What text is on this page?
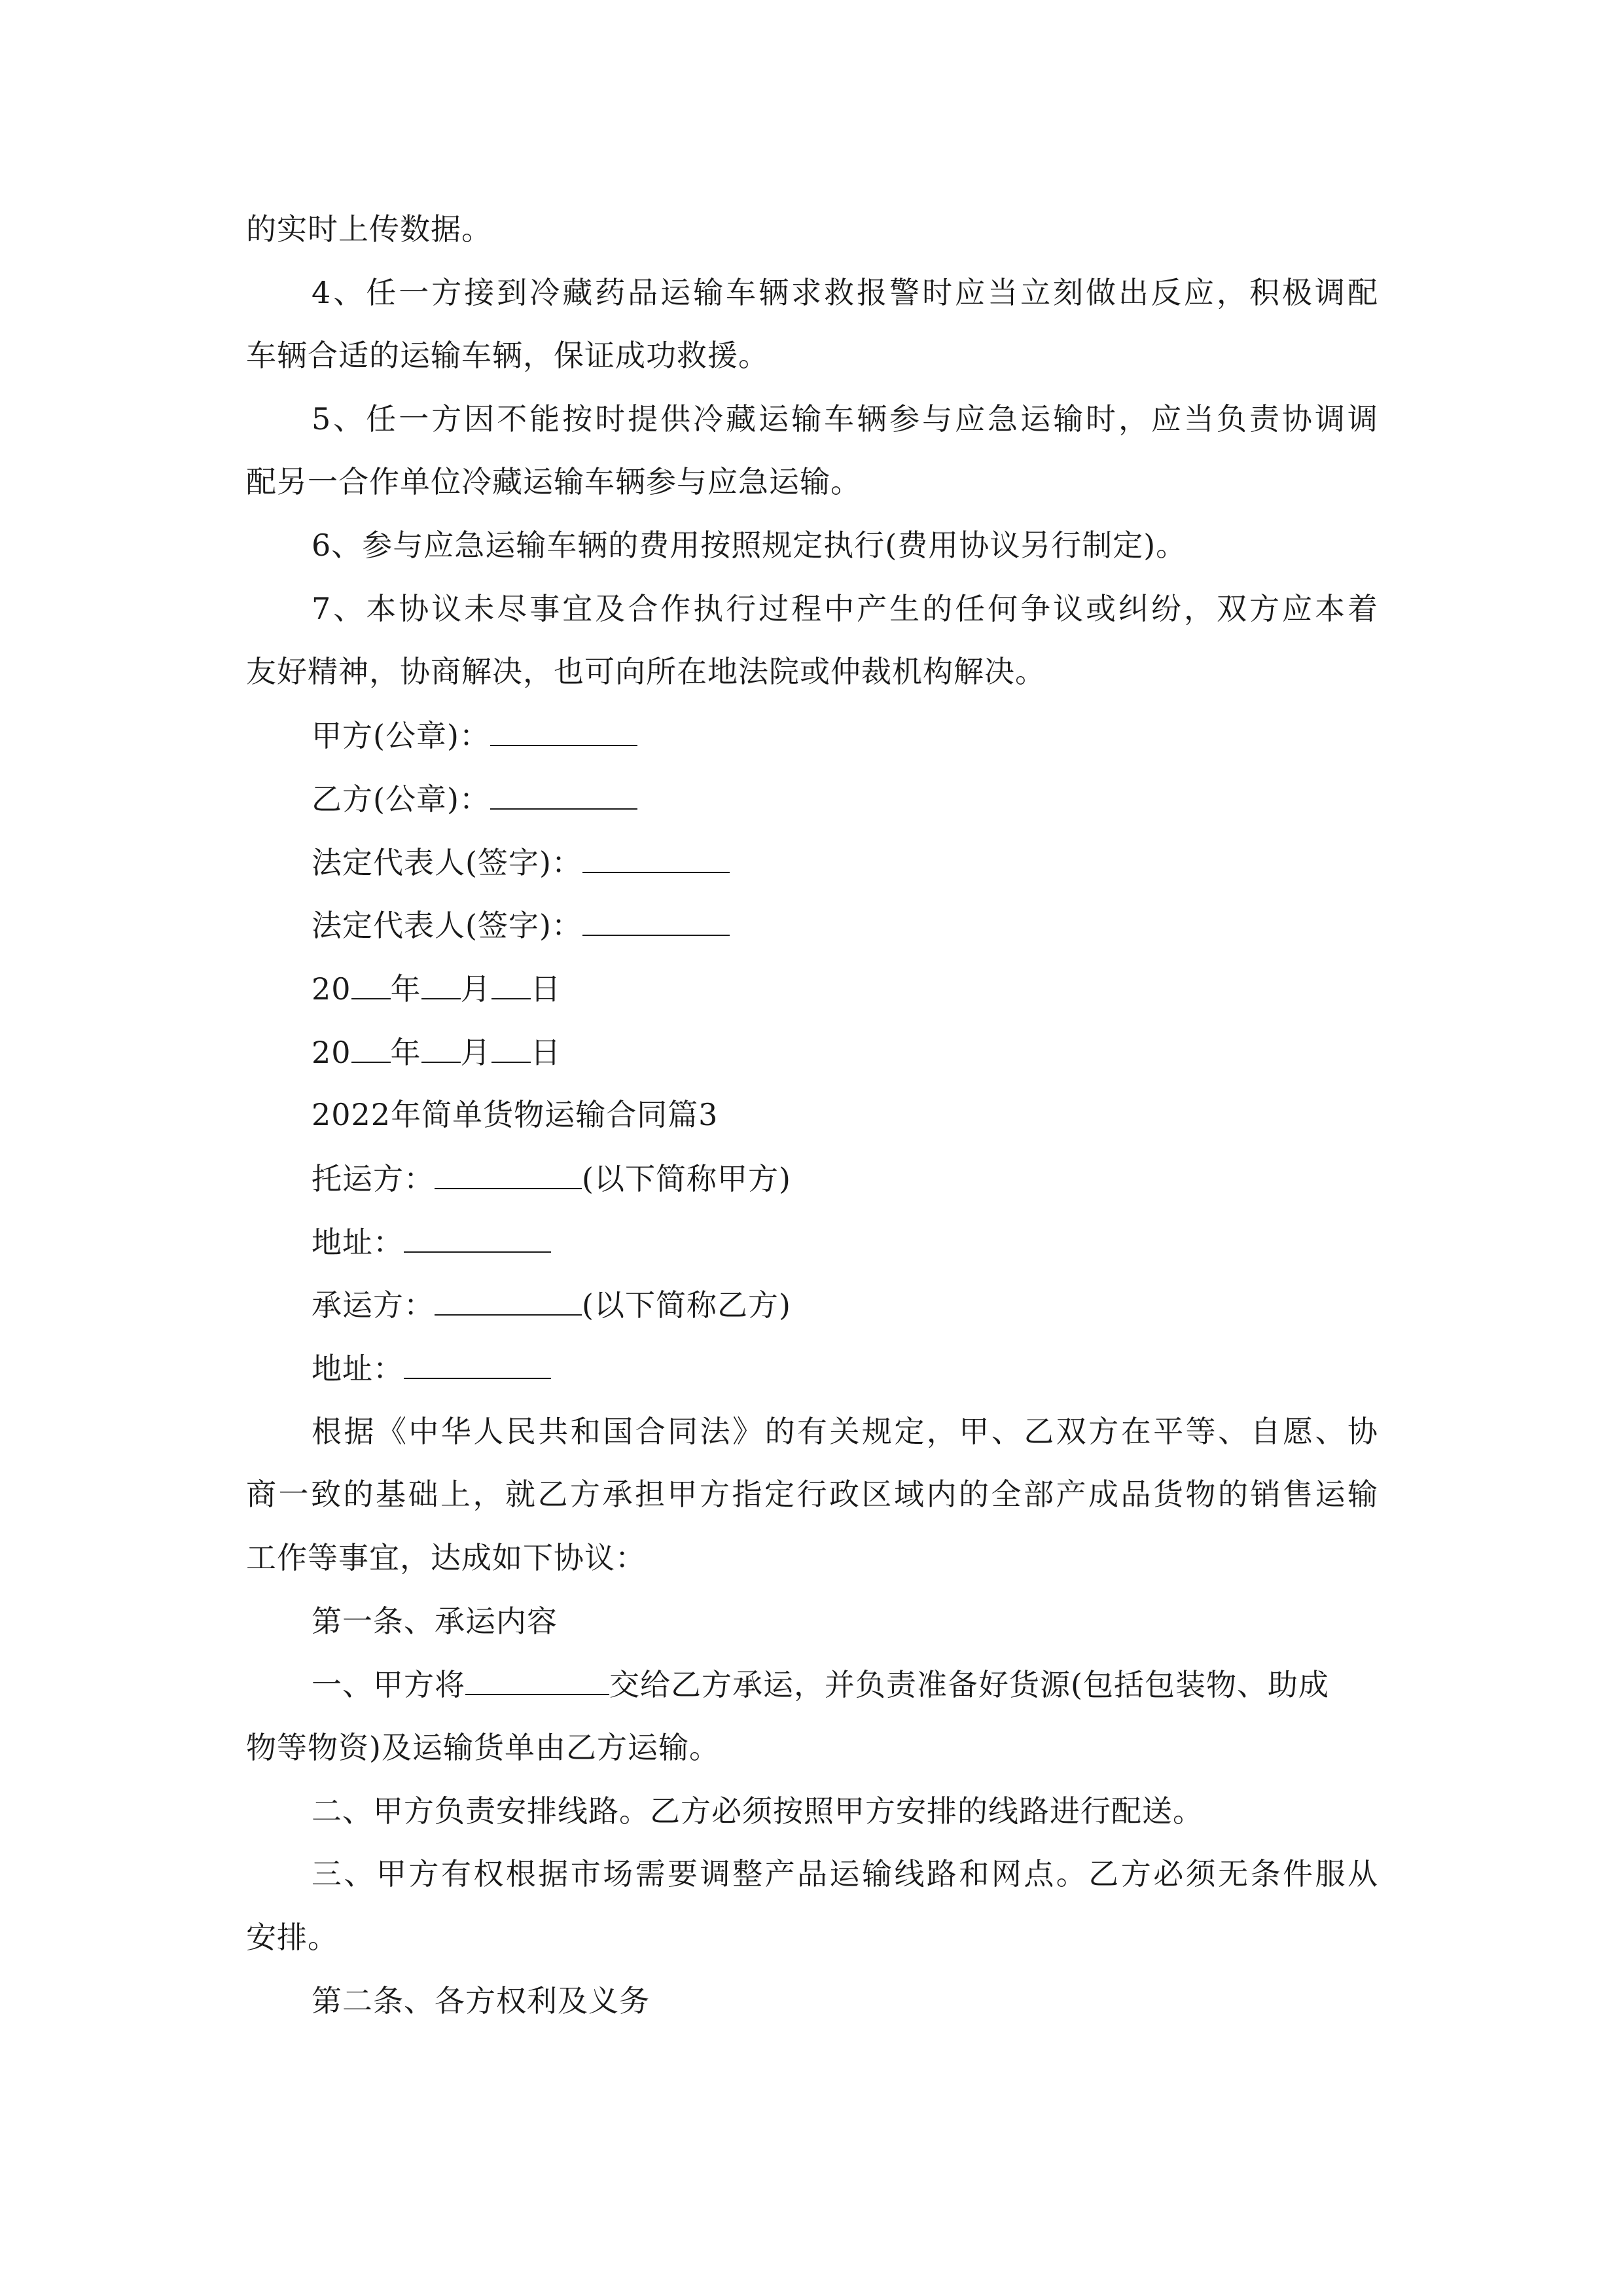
的实时上传数据。
4、任一方接到冷藏药品运输车辆求救报警时应当立刻做出反应，积极调配
车辆合适的运输车辆，保证成功救援。
5、任一方因不能按时提供冷藏运输车辆参与应急运输时，应当负责协调调
配另一合作单位冷藏运输车辆参与应急运输。
6、参与应急运输车辆的费用按照规定执行(费用协议另行制定)。
7、本协议未尽事宜及合作执行过程中产生的任何争议或纠纷，双方应本着
友好精神，协商解决，也可向所在地法院或仲裁机构解决。
甲方(公章)：
乙方(公章)：
法定代表人(签字)：
法定代表人(签字)：
20 年 月 日
20 年 月 日
2022年简单货物运输合同篇3
托运方：	(以下简称甲方)
地址：
承运方：	(以下简称乙方)
地址：
根据《中华人民共和国合同法》的有关规定，甲、乙双方在平等、自愿、协
商一致的基础上，就乙方承担甲方指定行政区域内的全部产成品货物的销售运输
工作等事宜，达成如下协议：
第一条、承运内容
一、甲方将	交给乙方承运，并负责准备好货源(包括包装物、助成
物等物资)及运输货单由乙方运输。
二、甲方负责安排线路。乙方必须按照甲方安排的线路进行配送。
三、甲方有权根据市场需要调整产品运输线路和网点。乙方必须无条件服从
安排。
第二条、各方权利及义务
